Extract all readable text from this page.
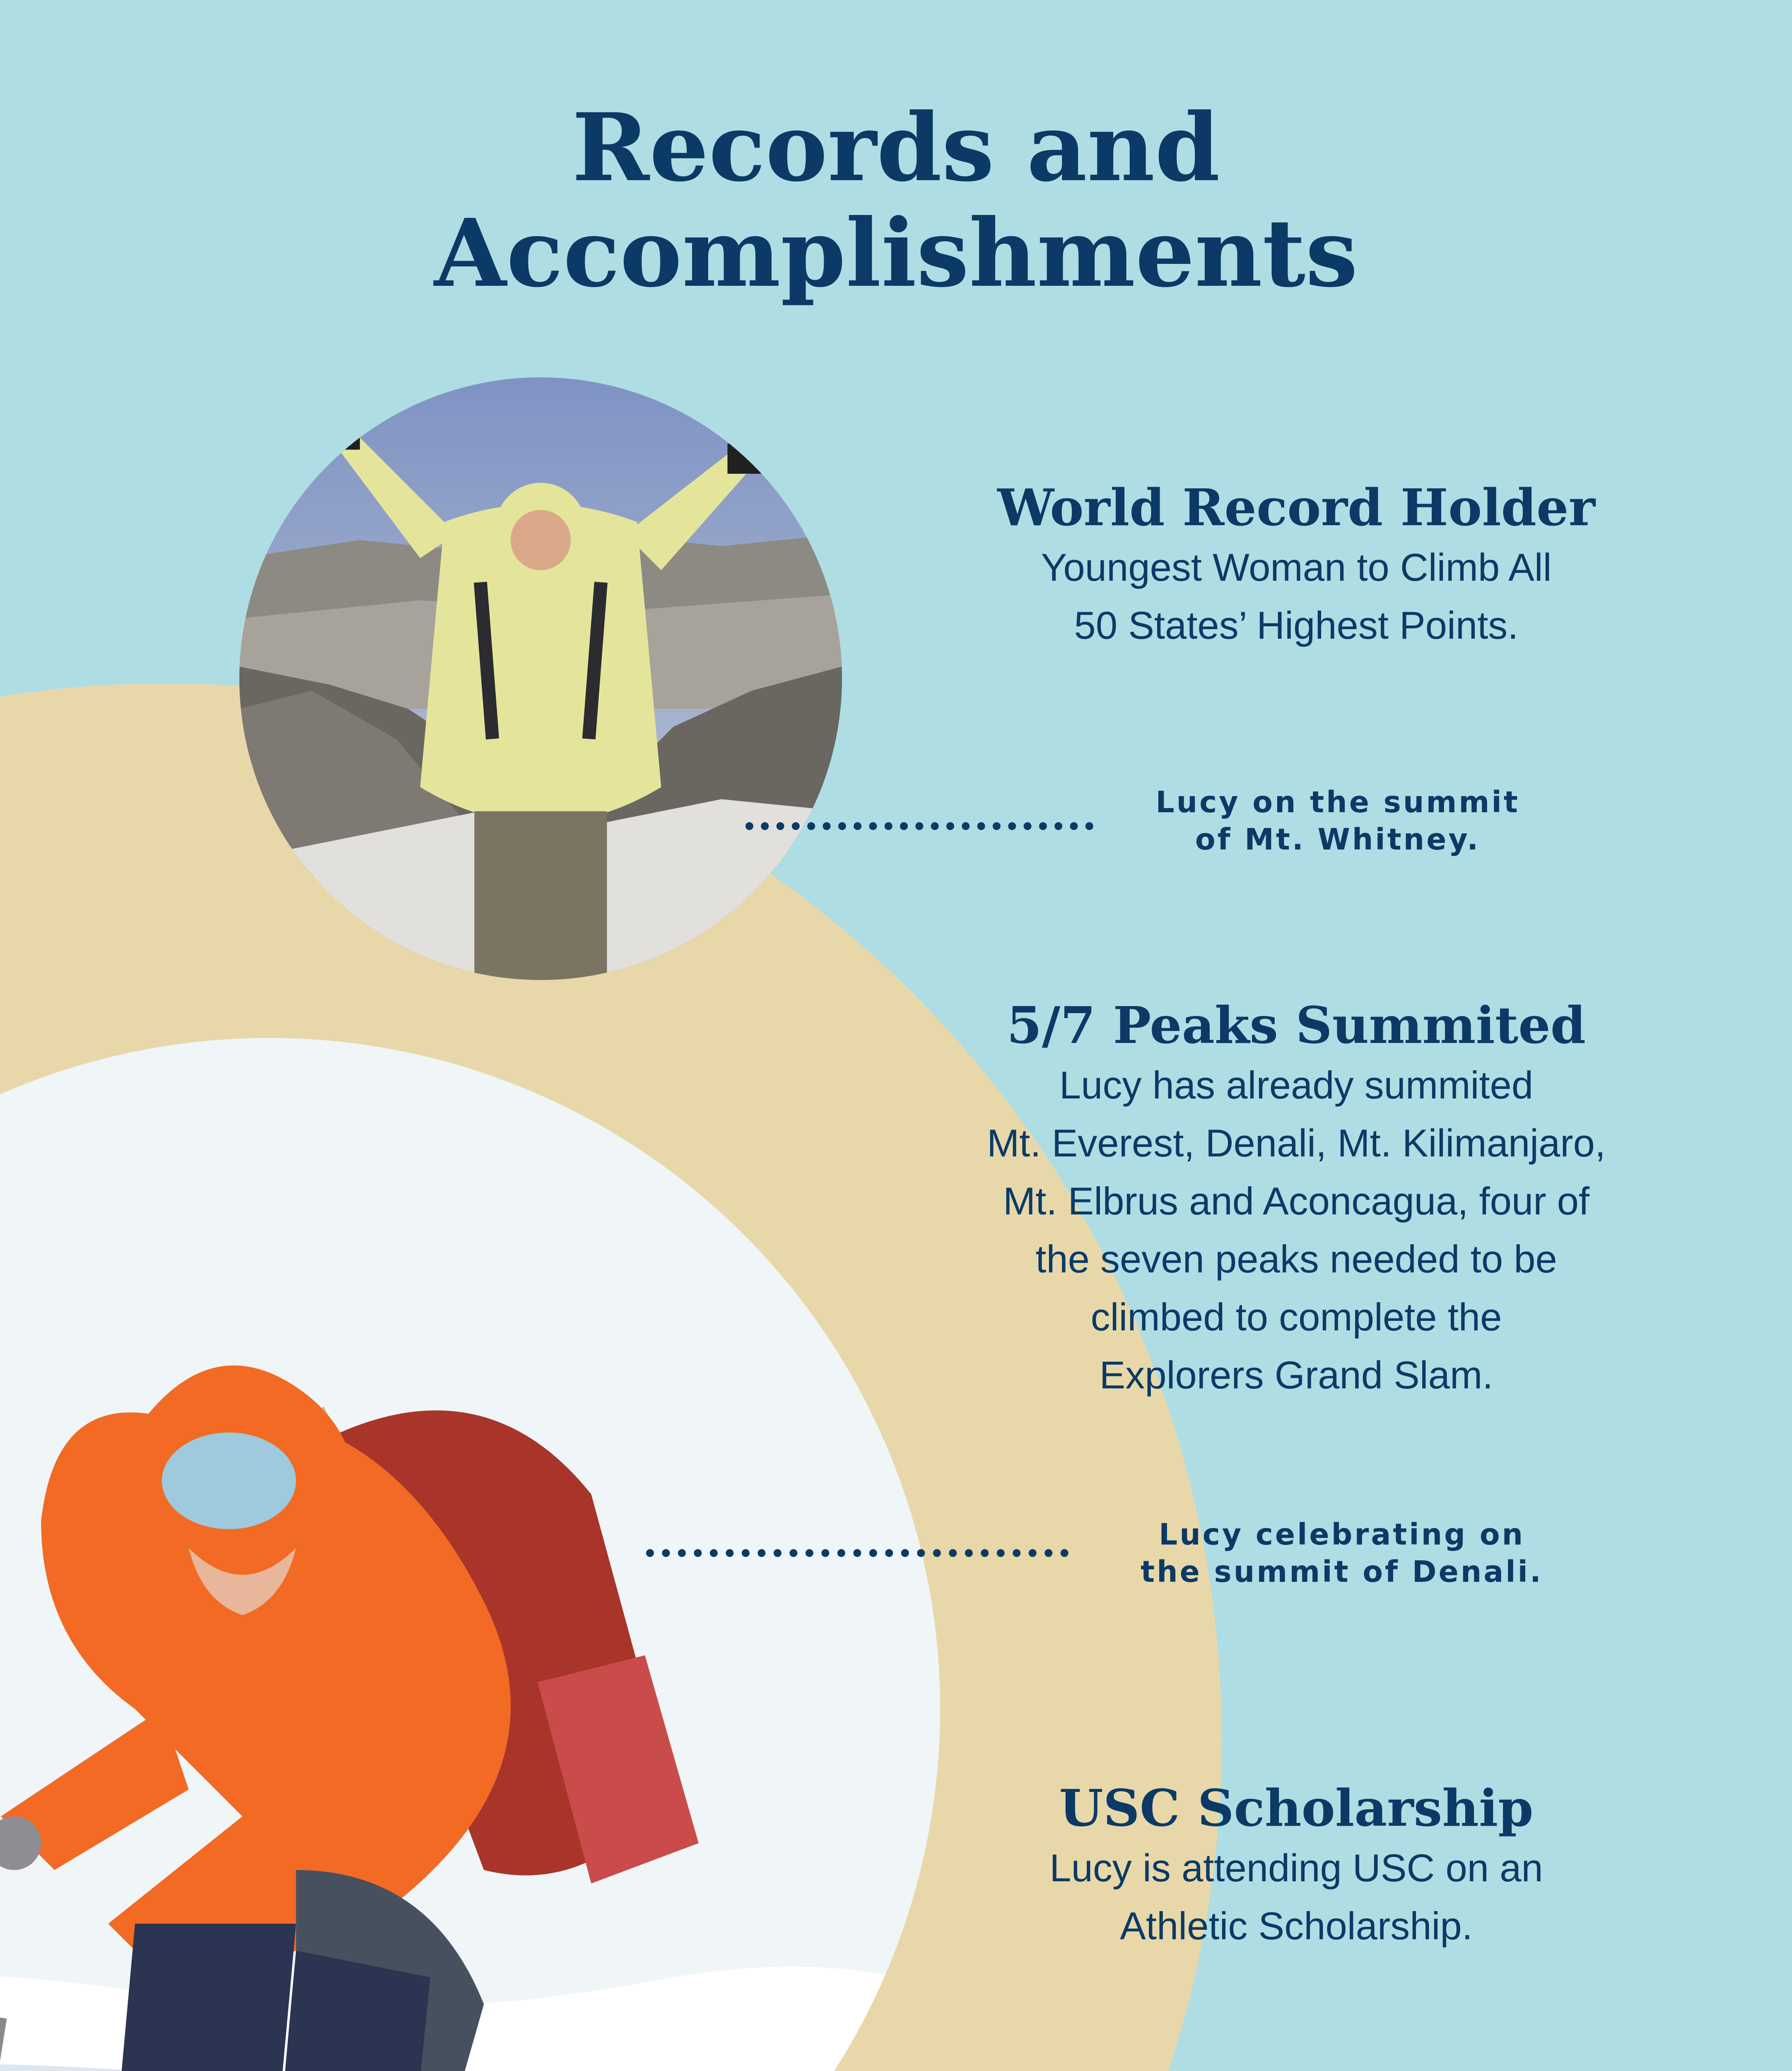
Records and
Accomplishments
World Record Holder

Youngest Woman to Climb All

50 States’ Highest Points.

Lucy on the summit
of Mt. Whitney.
5/7 Peaks Summited

Lucy has already summited

Mt. Everest, Denali, Mt. Kilimanjaro,

Mt. Elbrus and Aconcagua, four of

the seven peaks needed to be

climbed to complete the

Explorers Grand Slam.

Lucy celebrating on
the summit of Denali.
USC Scholarship

Lucy is attending USC on an

Athletic Scholarship.
